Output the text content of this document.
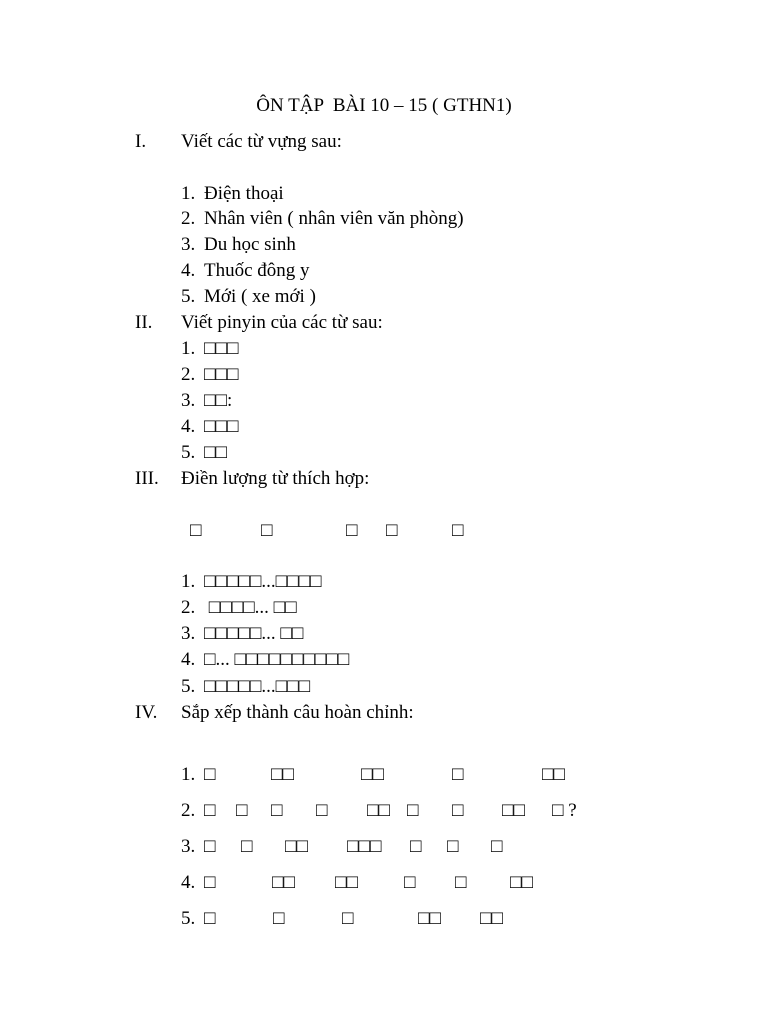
ÔN TẬP  BÀI 10 – 15 ( GTHN1)
I. Viết các từ vựng sau:
1. Điện thoại
2. Nhân viên ( nhân viên văn phòng)
3. Du học sinh
4. Thuốc đông y
5. Mới ( xe mới )
II. Viết pinyin của các từ sau:
1. □□□
2. □□□
3. □□:
4. □□□
5. □□
III. Điền lượng từ thích hợp:
□	□	□ □	□
1. □□□□□...□□□□
2. □□□□... □□
3. □□□□□... □□
4. □... □□□□□□□□□□
5. □□□□□...□□□
IV. Sắp xếp thành câu hoàn chỉnh:
1. □	□□	□□	□	□□
2. □ □ □ □ □□ □ □ □□ □ ?
3. □ □ □□ □□□ □ □ □
4. □	□□ □□ □ □ □□
5. □	□	□	□□ □□
